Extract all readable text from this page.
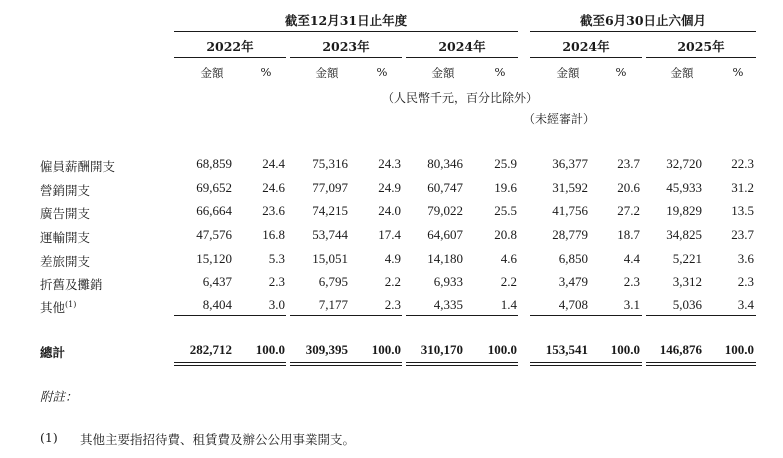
截至12月31日止年度	截至6月30日止六個月
2022年	2023年	2024年	2024年	2025年
金額	%	金額	%	金額	%	金額	%	金額	%
（人民幣千元，百分比除外）
（未經審計）
僱員薪酬開支	68,859	24.4	75,316	24.3	80,346	25.9	36,377	23.7	32,720	22.3
營銷開支	69,652	24.6	77,097	24.9	60,747	19.6	31,592	20.6	45,933	31.2
廣告開支	66,664	23.6	74,215	24.0	79,022	25.5	41,756	27.2	19,829	13.5
運輸開支	47,576	16.8	53,744	17.4	64,607	20.8	28,779	18.7	34,825	23.7
差旅開支	15,120	5.3	15,051	4.9	14,180	4.6	6,850	4.4	5,221	3.6
折舊及攤銷	6,437	2.3	6,795	2.2	6,933	2.2	3,479	2.3	3,312	2.3
其他$^{(1)}$	8,404	3.0	7,177	2.3	4,335	1.4	4,708	3.1	5,036	3.4
總計	282,712	100.0	309,395	100.0	310,170	100.0	153,541	100.0	146,876	100.0
附註：
(1) 其他主要指招待費、租賃費及辦公公用事業開支。
